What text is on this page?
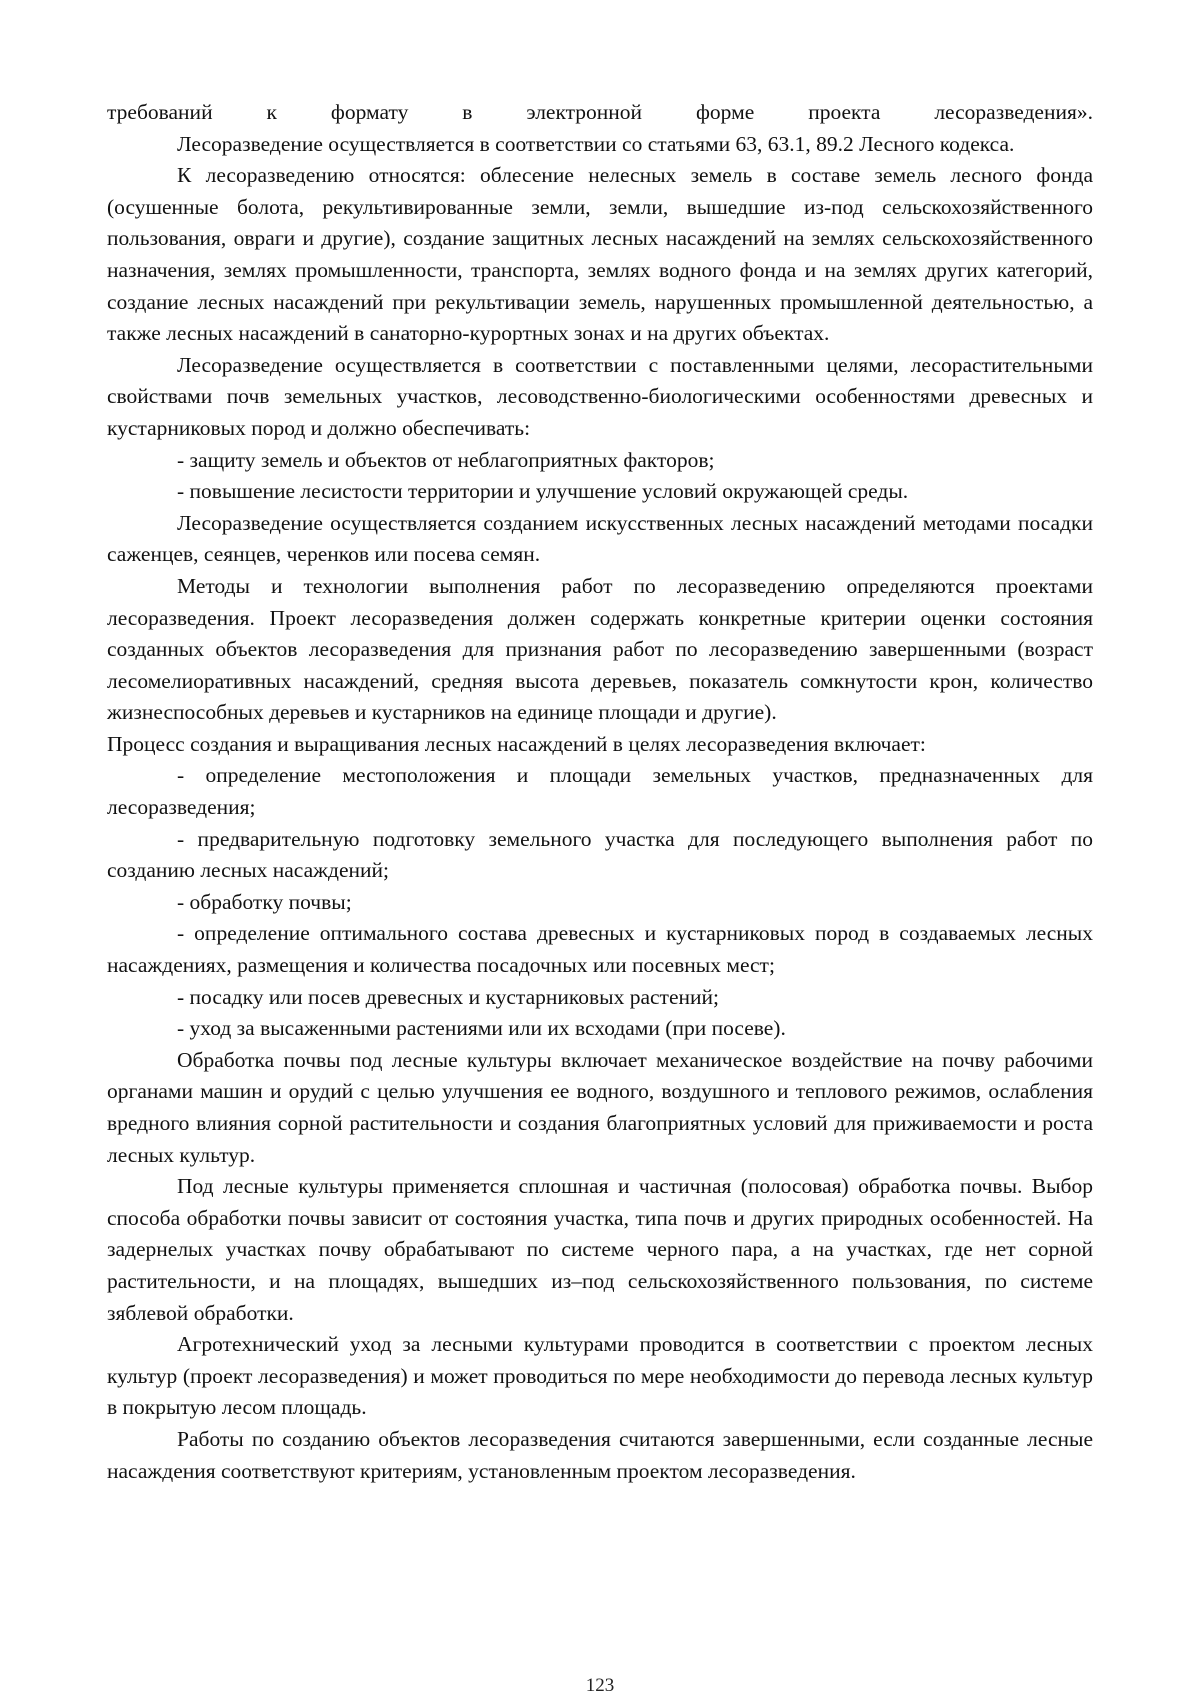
требований к формату в электронной форме проекта лесоразведения».

Лесоразведение осуществляется в соответствии со статьями 63, 63.1, 89.2 Лесного кодекса.

К лесоразведению относятся: облесение нелесных земель в составе земель лесного фонда (осушенные болота, рекультивированные земли, земли, вышедшие из-под сельскохозяйственного пользования, овраги и другие), создание защитных лесных насаждений на землях сельскохозяйственного назначения, землях промышленности, транспорта, землях водного фонда и на землях других категорий, создание лесных насаждений при рекультивации земель, нарушенных промышленной деятельностью, а также лесных насаждений в санаторно-курортных зонах и на других объектах.

Лесоразведение осуществляется в соответствии с поставленными целями, лесорастительными свойствами почв земельных участков, лесоводственно-биологическими особенностями древесных и кустарниковых пород и должно обеспечивать:

- защиту земель и объектов от неблагоприятных факторов;

- повышение лесистости территории и улучшение условий окружающей среды.

Лесоразведение осуществляется созданием искусственных лесных насаждений методами посадки саженцев, сеянцев, черенков или посева семян.

Методы и технологии выполнения работ по лесоразведению определяются проектами лесоразведения. Проект лесоразведения должен содержать конкретные критерии оценки состояния созданных объектов лесоразведения для признания работ по лесоразведению завершенными (возраст лесомелиоративных насаждений, средняя высота деревьев, показатель сомкнутости крон, количество жизнеспособных деревьев и кустарников на единице площади и другие).

Процесс создания и выращивания лесных насаждений в целях лесоразведения включает:

- определение местоположения и площади земельных участков, предназначенных для лесоразведения;

- предварительную подготовку земельного участка для последующего выполнения работ по созданию лесных насаждений;

- обработку почвы;

- определение оптимального состава древесных и кустарниковых пород в создаваемых лесных насаждениях, размещения и количества посадочных или посевных мест;

- посадку или посев древесных и кустарниковых растений;

- уход за высаженными растениями или их всходами (при посеве).

Обработка почвы под лесные культуры включает механическое воздействие на почву рабочими органами машин и орудий с целью улучшения ее водного, воздушного и теплового режимов, ослабления вредного влияния сорной растительности и создания благоприятных условий для приживаемости и роста лесных культур.

Под лесные культуры применяется сплошная и частичная (полосовая) обработка почвы. Выбор способа обработки почвы зависит от состояния участка, типа почв и других природных особенностей. На задернелых участках почву обрабатывают по системе черного пара, а на участках, где нет сорной растительности, и на площадях, вышедших из–под сельскохозяйственного пользования, по системе зяблевой обработки.

Агротехнический уход за лесными культурами проводится в соответствии с проектом лесных культур (проект лесоразведения) и может проводиться по мере необходимости до перевода лесных культур в покрытую лесом площадь.

Работы по созданию объектов лесоразведения считаются завершенными, если созданные лесные насаждения соответствуют критериям, установленным проектом лесоразведения.

123
